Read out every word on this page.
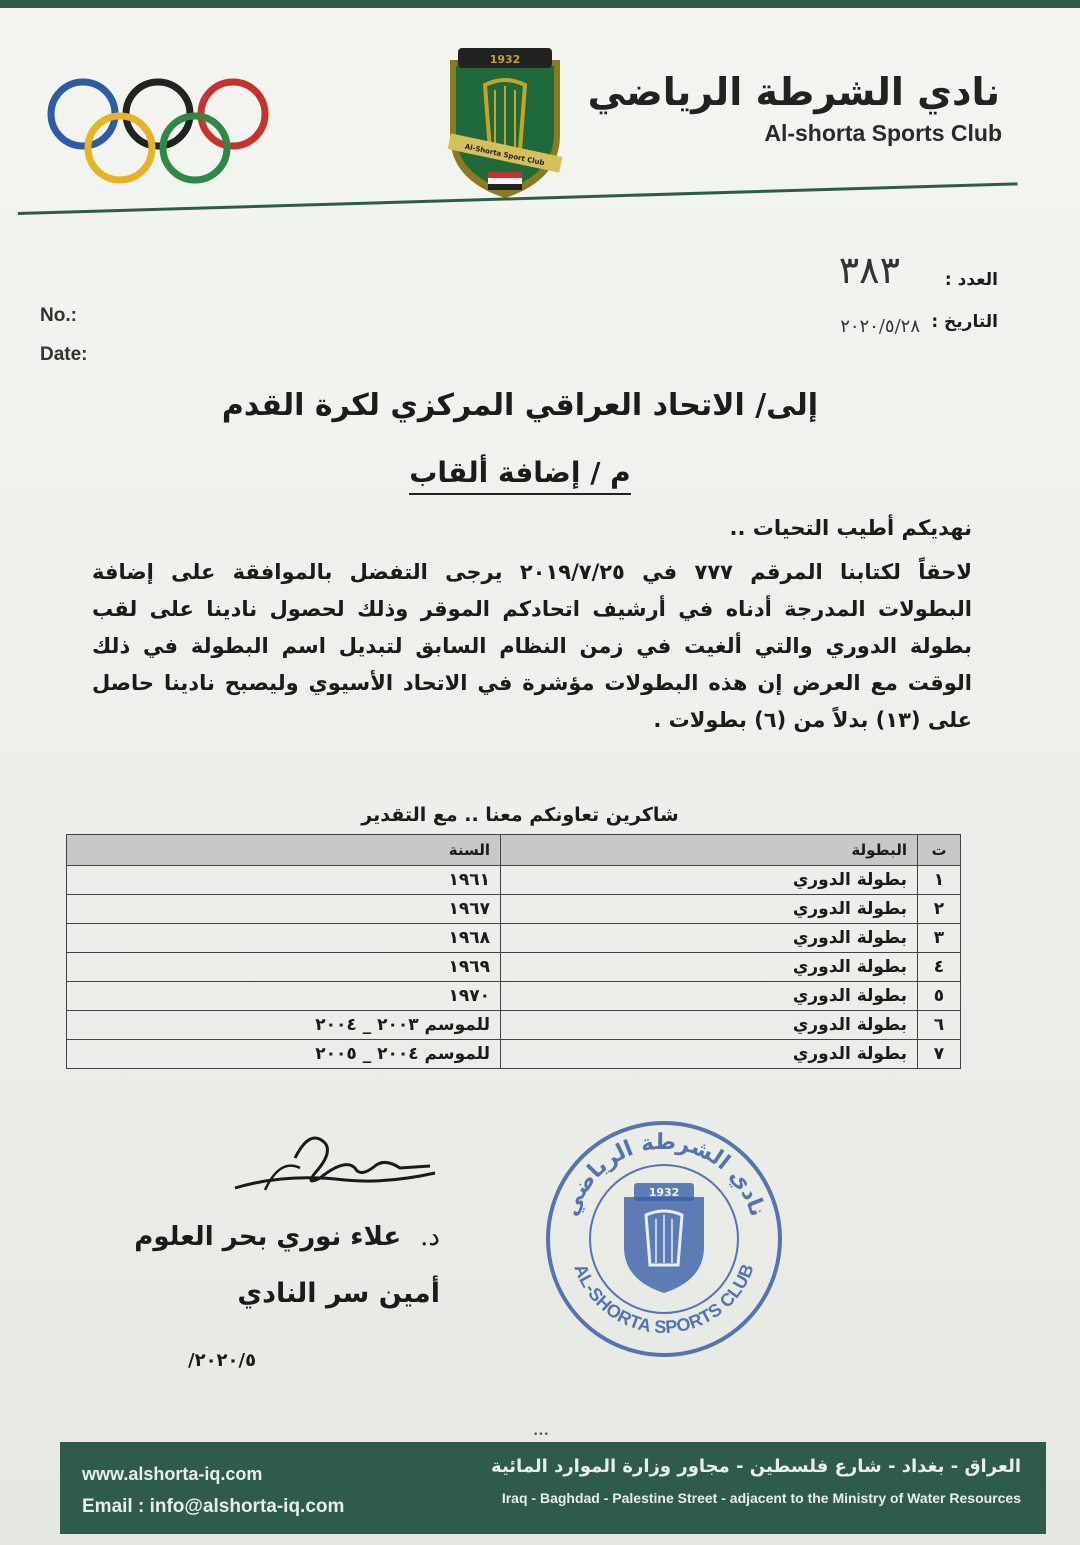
1932
Al-Shorta Sport Club
نادي الشرطة الرياضي
Al-shorta Sports Club
العدد :
٣٨٣
التاريخ :
٢٠٢٠/٥/٢٨
No.:
Date:
إلى/ الاتحاد العراقي المركزي لكرة القدم
م / إضافة ألقاب
نهديكم أطيب التحيات ..
لاحقاً لكتابنا المرقم ٧٧٧ في ٢٠١٩/٧/٢٥ يرجى التفضل بالموافقة على إضافة البطولات المدرجة أدناه في أرشيف اتحادكم الموقر وذلك لحصول نادينا على لقب بطولة الدوري والتي ألغيت في زمن النظام السابق لتبديل اسم البطولة في ذلك الوقت مع العرض إن هذه البطولات مؤشرة في الاتحاد الأسيوي وليصبح نادينا حاصل على (١٣) بدلاً من (٦) بطولات .
شاكرين تعاونكم معنا .. مع التقدير
ت	البطولة	السنة
١	بطولة الدوري	١٩٦١
٢	بطولة الدوري	١٩٦٧
٣	بطولة الدوري	١٩٦٨
٤	بطولة الدوري	١٩٦٩
٥	بطولة الدوري	١٩٧٠
٦	بطولة الدوري	للموسم ٢٠٠٣ _ ٢٠٠٤
٧	بطولة الدوري	للموسم ٢٠٠٤ _ ٢٠٠٥
د. علاء نوري بحر العلوم
أمين سر النادي
٢٠٢٠/٥/
نادي الشرطة الرياضي
AL-SHORTA SPORTS CLUB
1932
•••
www.alshorta-iq.com
Email : info@alshorta-iq.com
العراق - بغداد - شارع فلسطين - مجاور وزارة الموارد المائية
Iraq - Baghdad - Palestine Street - adjacent to the Ministry of Water Resources
